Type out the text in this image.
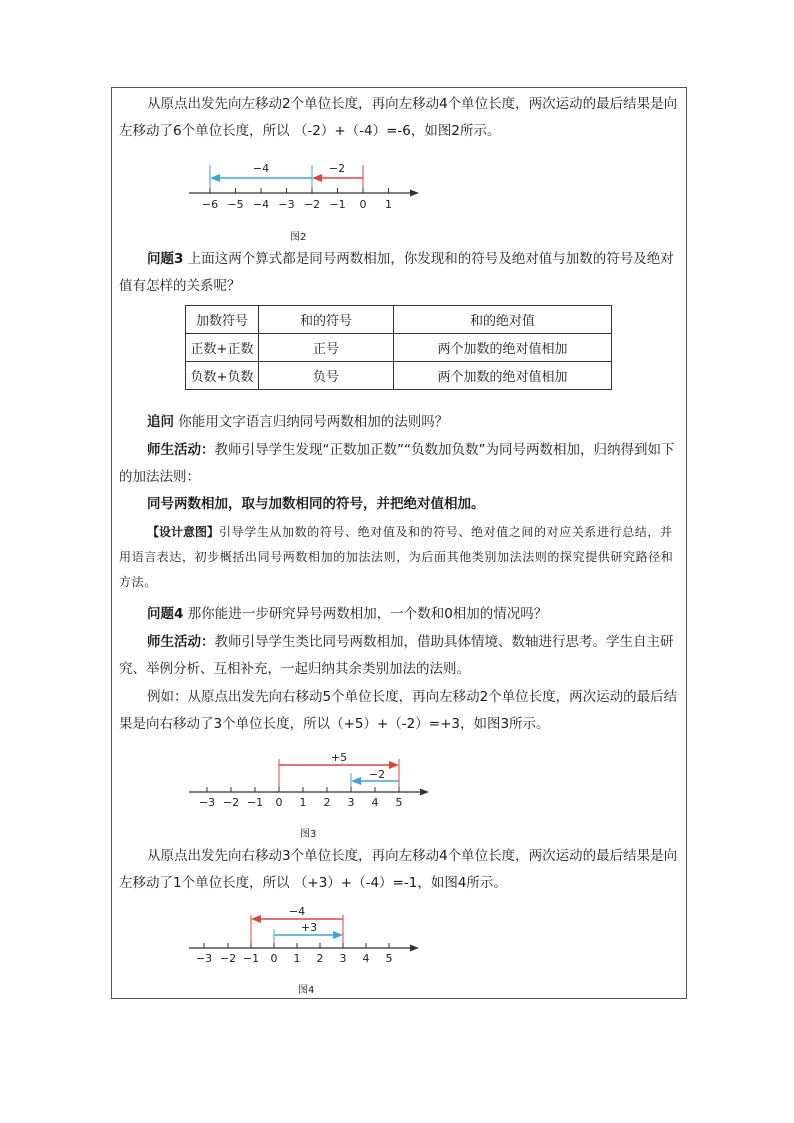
从原点出发先向左移动2个单位长度，再向左移动4个单位长度，两次运动的最后结果是向左移动了6个单位长度，所以 （-2）+（-4）=-6，如图2所示。

−6 −5 −4 −3 −2 −1 0 1
−4	−2
图2

问题3 上面这两个算式都是同号两数相加，你发现和的符号及绝对值与加数的符号及绝对值有怎样的关系呢？

加数符号	和的符号	和的绝对值
正数+正数	正号	两个加数的绝对值相加
负数+负数	负号	两个加数的绝对值相加

追问 你能用文字语言归纳同号两数相加的法则吗？

师生活动：教师引导学生发现“正数加正数”“负数加负数”为同号两数相加，归纳得到如下的加法法则：

同号两数相加，取与加数相同的符号，并把绝对值相加。

【设计意图】引导学生从加数的符号、绝对值及和的符号、绝对值之间的对应关系进行总结，并用语言表达，初步概括出同号两数相加的加法法则，为后面其他类别加法法则的探究提供研究路径和方法。

问题4 那你能进一步研究异号两数相加，一个数和0相加的情况吗？

师生活动：教师引导学生类比同号两数相加，借助具体情境、数轴进行思考。学生自主研究、举例分析、互相补充，一起归纳其余类别加法的法则。

例如：从原点出发先向右移动5个单位长度，再向左移动2个单位长度，两次运动的最后结果是向右移动了3个单位长度，所以（+5）+（-2）=+3，如图3所示。

−3 −2 −1 0 1 2 3 4 5
+5
−2
图3

从原点出发先向右移动3个单位长度，再向左移动4个单位长度，两次运动的最后结果是向左移动了1个单位长度，所以 （+3）+（-4）=-1，如图4所示。

−3 −2 −1 0 1 2 3 4 5
−4
+3
图4
